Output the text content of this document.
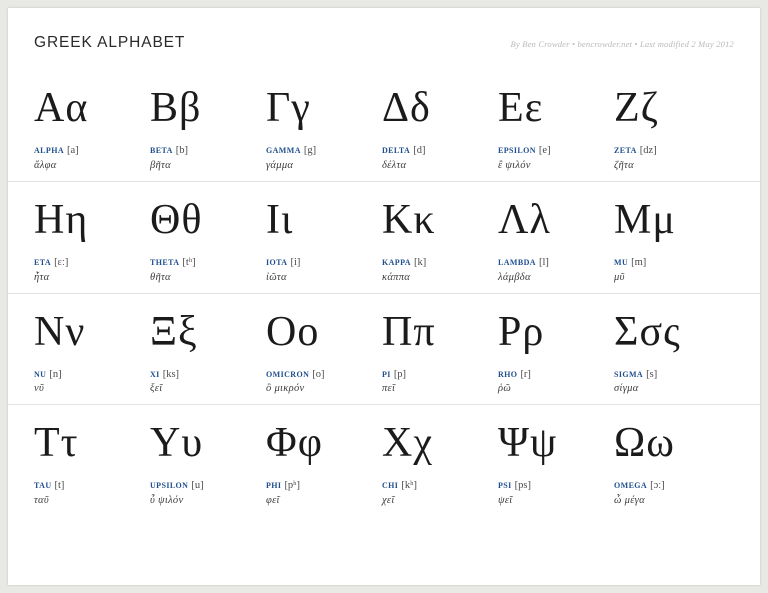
GREEK ALPHABET	By Ben Crowder • bencrowder.net • Last modified 2 May 2012
Αα
alpha [a]
ἄλφα
Ββ
beta [b]
βῆτα
Γγ
gamma [g]
γάμμα
Δδ
delta [d]
δέλτα
Εε
epsilon [e]
ἒ ψιλόν
Ζζ
zeta [dz]
ζῆτα
Ηη
eta [εː]
ἦτα
Θθ
theta [tʰ]
θῆτα
Ιι
iota [i]
ἰῶτα
Κκ
kappa [k]
κάππα
Λλ
lambda [l]
λάμβδα
Μμ
mu [m]
μῦ
Νν
nu [n]
νῦ
Ξξ
xi [ks]
ξεῖ
Οο
omicron [o]
ὃ μικρόν
Ππ
pi [p]
πεῖ
Ρρ
rho [r]
ῥῶ
Σσς
sigma [s]
σίγμα
Ττ
tau [t]
ταῦ
Υυ
upsilon [u]
ὖ ψιλόν
Φφ
phi [pʰ]
φεῖ
Χχ
chi [kʰ]
χεῖ
Ψψ
psi [ps]
ψεῖ
Ωω
omega [ɔː]
ὦ μέγα
